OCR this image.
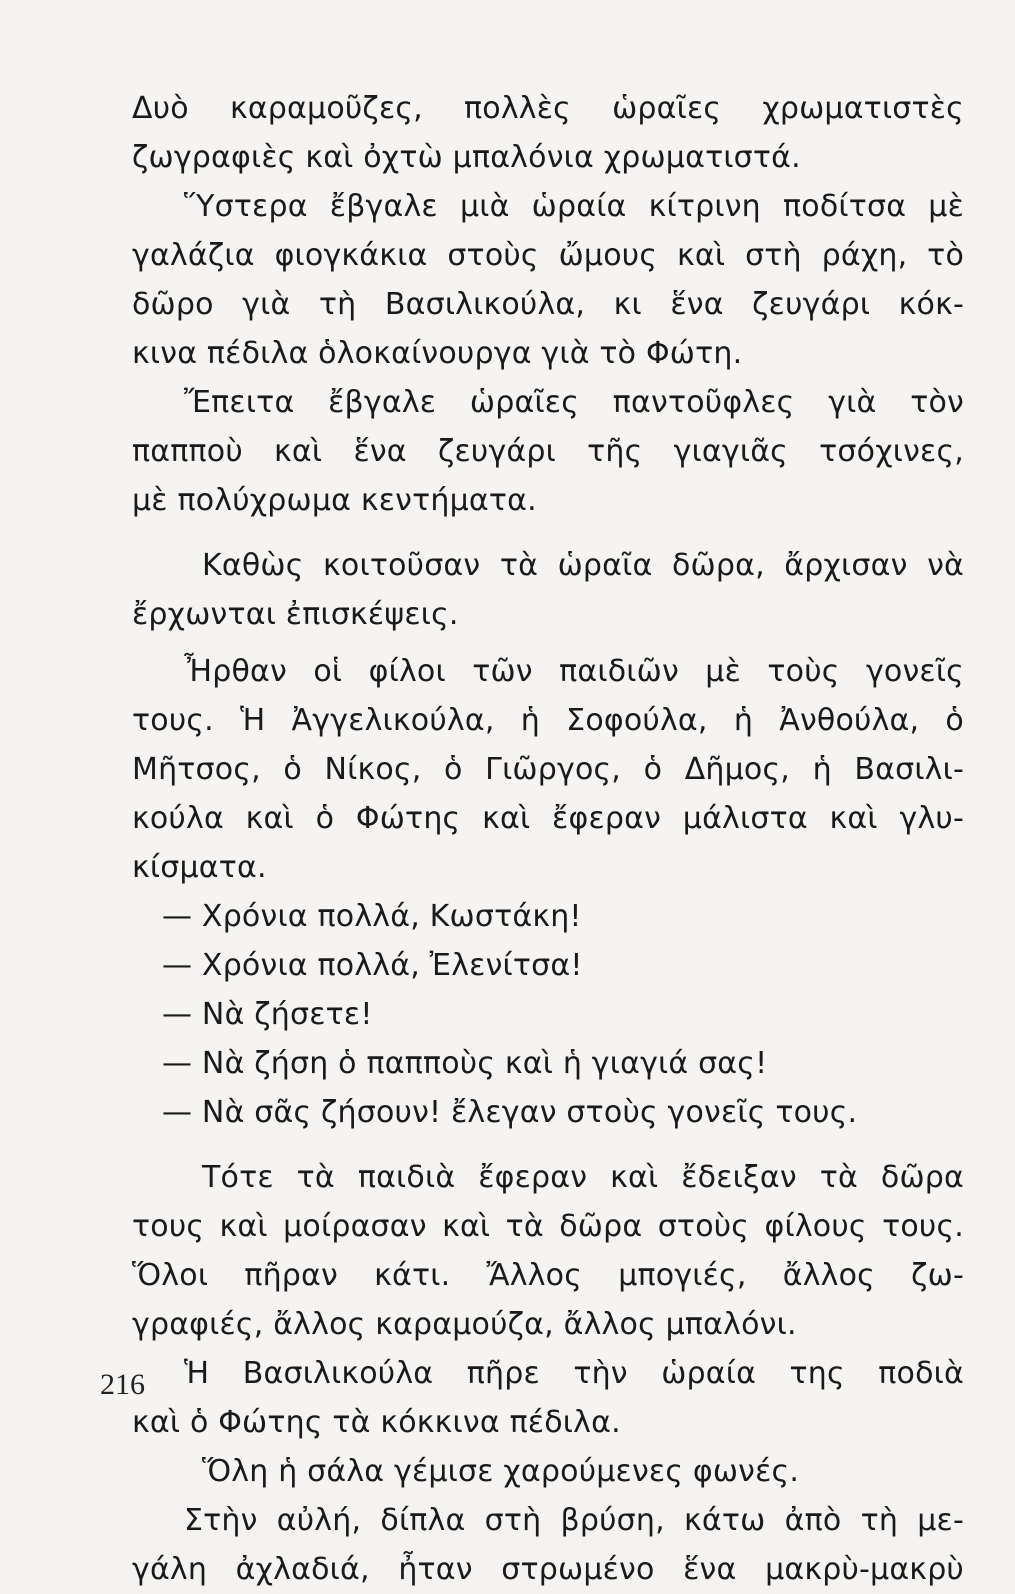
Δυὸ καραμοῦζες, πολλὲς ὡραῖες χρωματιστὲς
ζωγραφιὲς καὶ ὀχτὼ μπαλόνια χρωματιστά.
Ὕστερα ἔβγαλε μιὰ ὡραία κίτρινη ποδίτσα μὲ
γαλάζια φιογκάκια στοὺς ὤμους καὶ στὴ ράχη, τὸ
δῶρο γιὰ τὴ Βασιλικούλα, κι ἕνα ζευγάρι κόκ-
κινα πέδιλα ὁλοκαίνουργα γιὰ τὸ Φώτη.
Ἔπειτα ἔβγαλε ὡραῖες παντοῦφλες γιὰ τὸν
παπποὺ καὶ ἕνα ζευγάρι τῆς γιαγιᾶς τσόχινες,
μὲ πολύχρωμα κεντήματα.
Καθὼς κοιτοῦσαν τὰ ὡραῖα δῶρα, ἄρχισαν νὰ
ἔρχωνται ἐπισκέψεις.
Ἦρθαν οἱ φίλοι τῶν παιδιῶν μὲ τοὺς γονεῖς
τους. Ἡ Ἀγγελικούλα, ἡ Σοφούλα, ἡ Ἀνθούλα, ὁ
Μῆτσος, ὁ Νίκος, ὁ Γιῶργος, ὁ Δῆμος, ἡ Βασιλι-
κούλα καὶ ὁ Φώτης καὶ ἔφεραν μάλιστα καὶ γλυ-
κίσματα.
— Χρόνια πολλά, Κωστάκη!
— Χρόνια πολλά, Ἐλενίτσα!
— Νὰ ζήσετε!
— Νὰ ζήση ὁ παπποὺς καὶ ἡ γιαγιά σας!
— Νὰ σᾶς ζήσουν! ἔλεγαν στοὺς γονεῖς τους.
Τότε τὰ παιδιὰ ἔφεραν καὶ ἔδειξαν τὰ δῶρα
τους καὶ μοίρασαν καὶ τὰ δῶρα στοὺς φίλους τους.
Ὅλοι πῆραν κάτι. Ἄλλος μπογιές, ἄλλος ζω-
γραφιές, ἄλλος καραμούζα, ἄλλος μπαλόνι.
Ἡ Βασιλικούλα πῆρε τὴν ὡραία της ποδιὰ
καὶ ὁ Φώτης τὰ κόκκινα πέδιλα.
Ὅλη ἡ σάλα γέμισε χαρούμενες φωνές.
Στὴν αὐλή, δίπλα στὴ βρύση, κάτω ἀπὸ τὴ με-
γάλη ἀχλαδιά, ἦταν στρωμένο ἕνα μακρὺ-μακρὺ
216
